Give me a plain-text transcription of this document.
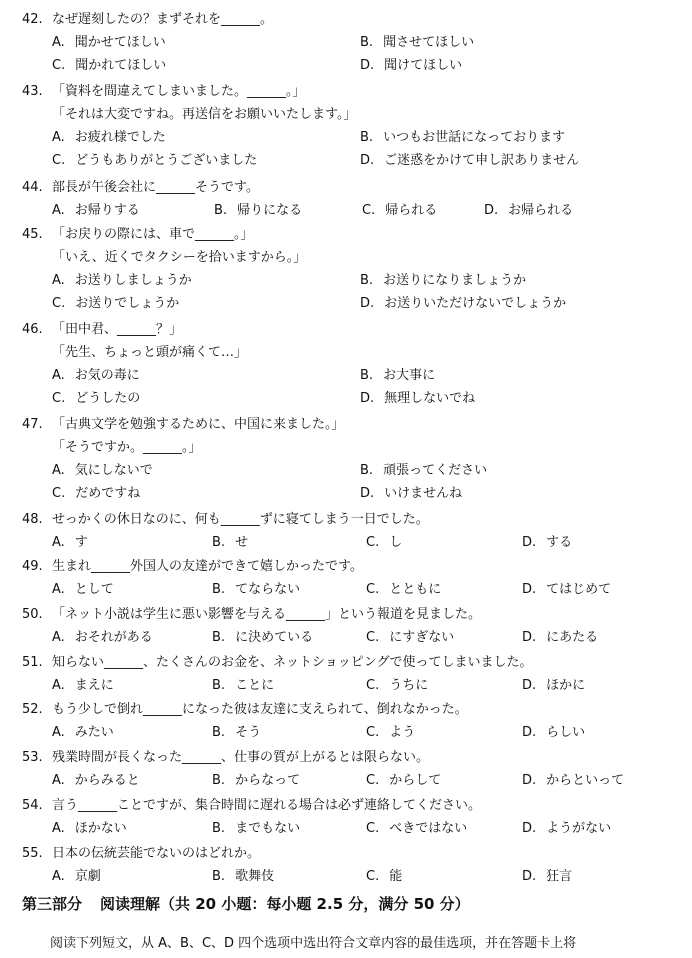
42. なぜ遅刻したの？まずそれを______。
A. 聞かせてほしい	B. 聞させてほしい
C. 聞かれてほしい	D. 聞けてほしい
43. 「資料を間違えてしまいました。______。」
「それは大変ですね。再送信をお願いいたします。」
A. お疲れ様でした	B. いつもお世話になっております
C. どうもありがとうございました	D. ご迷惑をかけて申し訳ありません
44. 部長が午後会社に______そうです。
A. お帰りする	B. 帰りになる	C. 帰られる	D. お帰られる
45. 「お戻りの際には、車で______。」
「いえ、近くでタクシーを拾いますから。」
A. お送りしましょうか	B. お送りになりましょうか
C. お送りでしょうか	D. お送りいただけないでしょうか
46. 「田中君、______？」
「先生、ちょっと頭が痛くて…」
A. お気の毒に	B. お大事に
C. どうしたの	D. 無理しないでね
47. 「古典文学を勉強するために、中国に来ました。」
「そうですか。______。」
A. 気にしないで	B. 頑張ってください
C. だめですね	D. いけませんね
48. せっかくの休日なのに、何も______ずに寝てしまう一日でした。
A. す	B. せ	C. し	D. する
49. 生まれ______外国人の友達ができて嬉しかったです。
A. として	B. てならない	C. とともに	D. てはじめて
50. 「ネット小説は学生に悪い影響を与える______」という報道を見ました。
A. おそれがある	B. に決めている	C. にすぎない	D. にあたる
51. 知らない______、たくさんのお金を、ネットショッピングで使ってしまいました。
A. まえに	B. ことに	C. うちに	D. ほかに
52. もう少しで倒れ______になった彼は友達に支えられて、倒れなかった。
A. みたい	B. そう	C. よう	D. らしい
53. 残業時間が長くなった______、仕事の質が上がるとは限らない。
A. からみると	B. からなって	C. からして	D. からといって
54. 言う______ことですが、集合時間に遅れる場合は必ず連絡してください。
A. ほかない	B. までもない	C. べきではない	D. ようがない
55. 日本の伝統芸能でないのはどれか。
A. 京劇	B. 歌舞伎	C. 能	D. 狂言
第三部分 阅读理解（共 20 小题：每小题 2.5 分，满分 50 分）
阅读下列短文，从 A、B、C、D 四个选项中选出符合文章内容的最佳选项，并在答题卡上将
